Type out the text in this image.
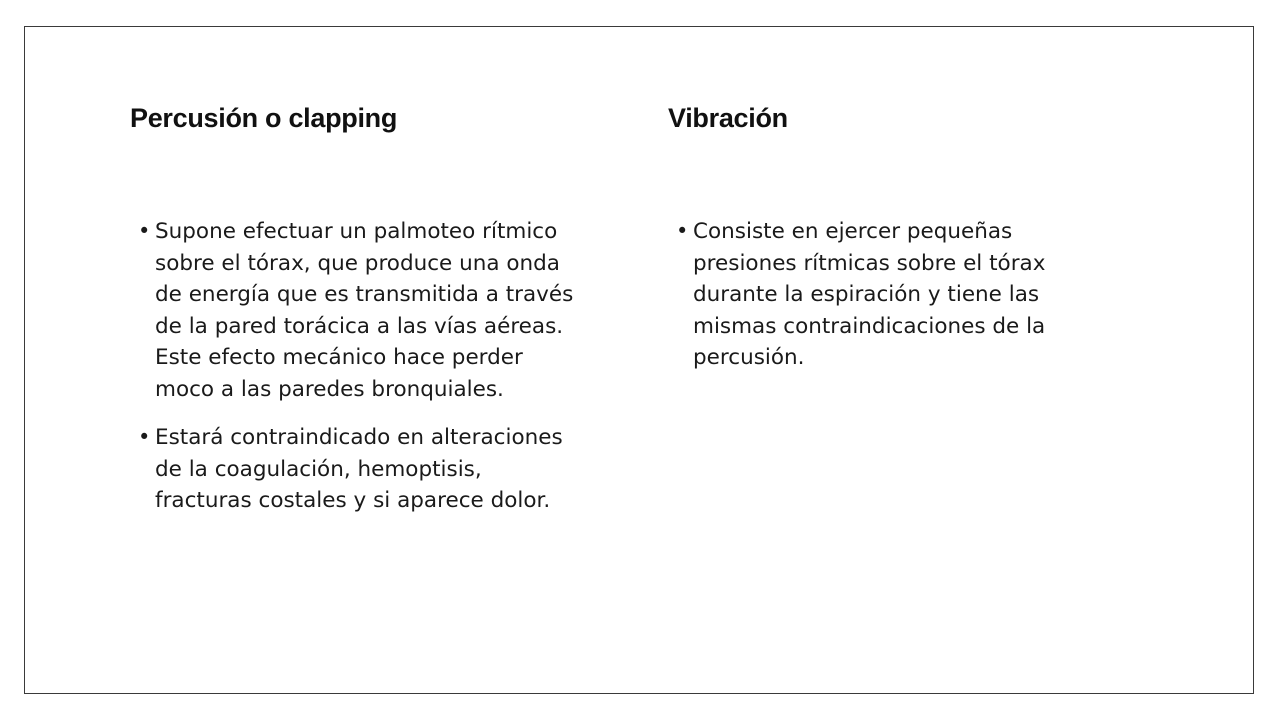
Percusión o clapping
• Supone efectuar un palmoteo rítmico sobre el tórax, que produce una onda de energía que es transmitida a través de la pared torácica a las vías aéreas. Este efecto mecánico hace perder moco a las paredes bronquiales.
• Estará contraindicado en alteraciones de la coagulación, hemoptisis, fracturas costales y si aparece dolor.
Vibración
• Consiste en ejercer pequeñas presiones rítmicas sobre el tórax durante la espiración y tiene las mismas contraindicaciones de la percusión.
